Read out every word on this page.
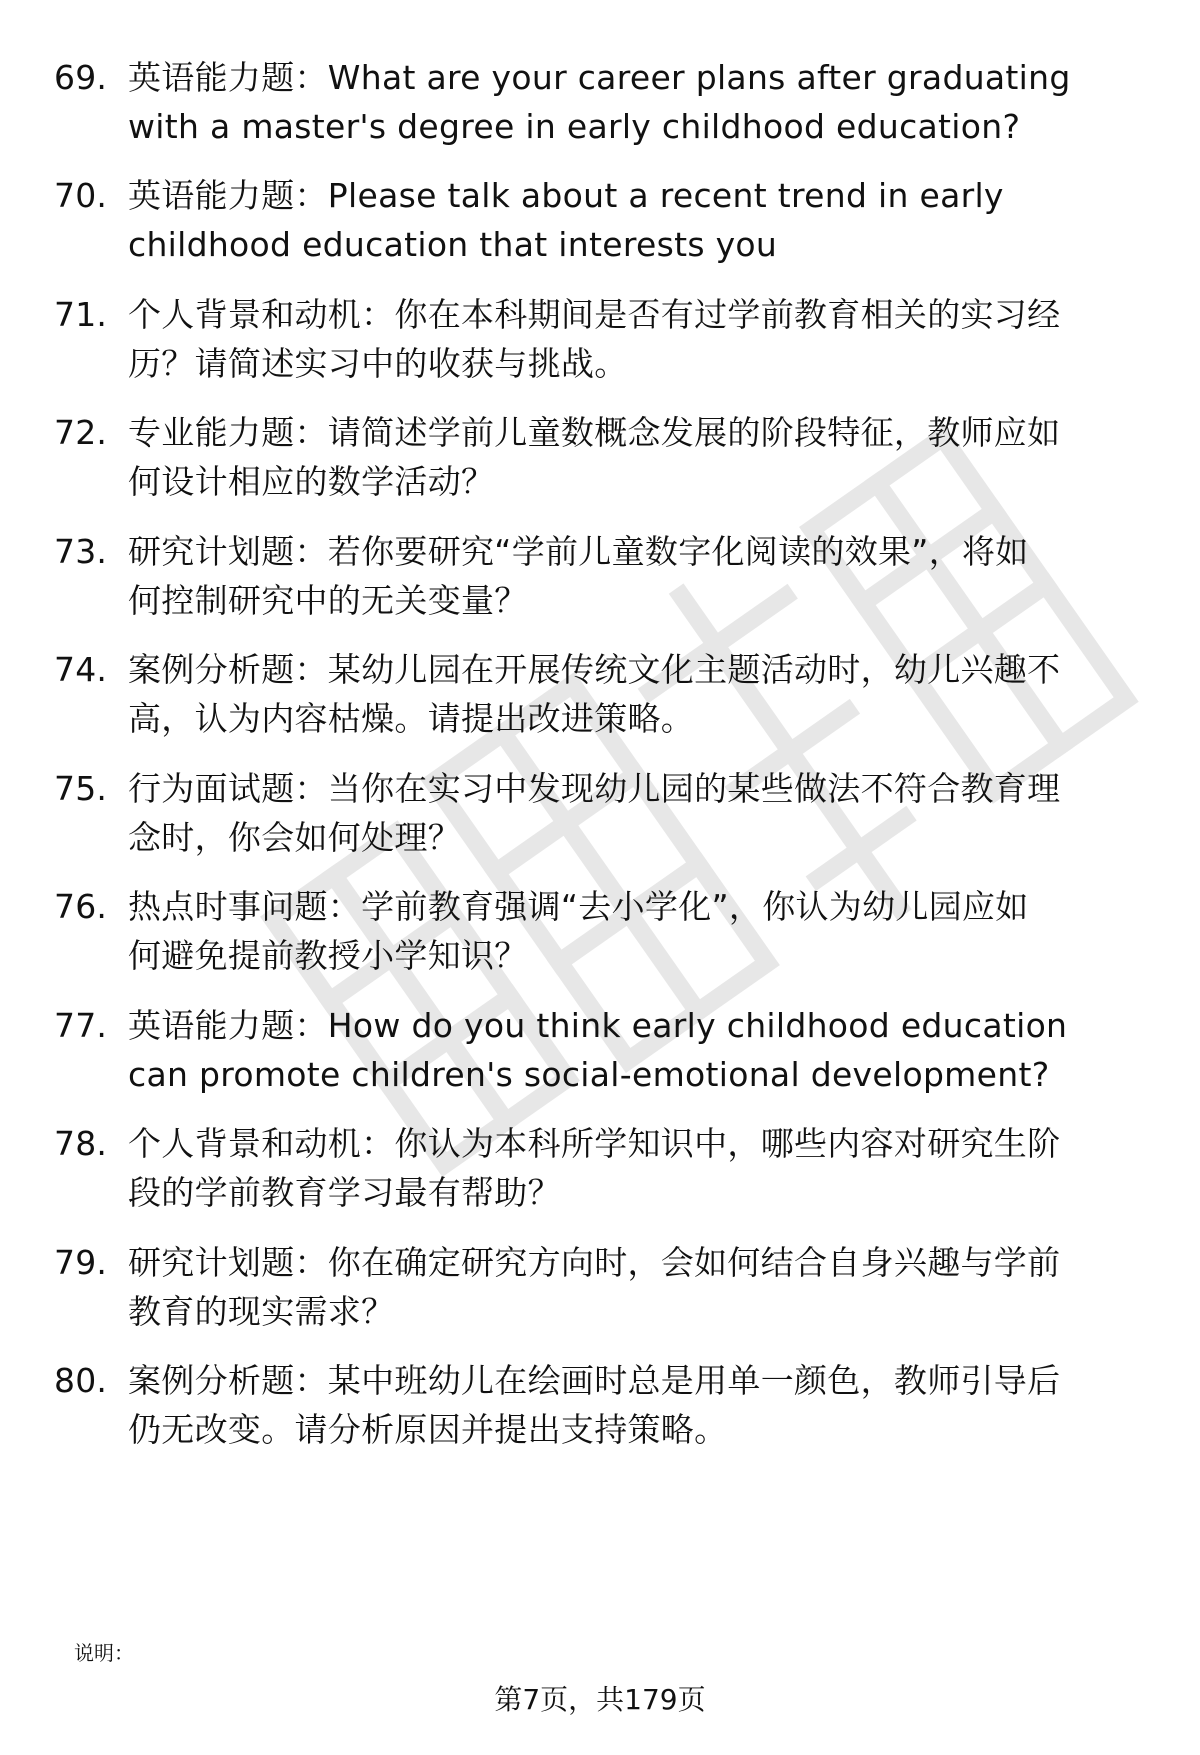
69. 英语能力题：What are your career plans after graduating
with a master's degree in early childhood education?
70. 英语能力题：Please talk about a recent trend in early
childhood education that interests you
71. 个人背景和动机：你在本科期间是否有过学前教育相关的实习经
历？请简述实习中的收获与挑战。
72. 专业能力题：请简述学前儿童数概念发展的阶段特征，教师应如
何设计相应的数学活动？
73. 研究计划题：若你要研究“学前儿童数字化阅读的效果”，将如
何控制研究中的无关变量？
74. 案例分析题：某幼儿园在开展传统文化主题活动时，幼儿兴趣不
高，认为内容枯燥。请提出改进策略。
75. 行为面试题：当你在实习中发现幼儿园的某些做法不符合教育理
念时，你会如何处理？
76. 热点时事问题：学前教育强调“去小学化”，你认为幼儿园应如
何避免提前教授小学知识？
77. 英语能力题：How do you think early childhood education
can promote children's social-emotional development?
78. 个人背景和动机：你认为本科所学知识中，哪些内容对研究生阶
段的学前教育学习最有帮助？
79. 研究计划题：你在确定研究方向时，会如何结合自身兴趣与学前
教育的现实需求？
80. 案例分析题：某中班幼儿在绘画时总是用单一颜色，教师引导后
仍无改变。请分析原因并提出支持策略。
说明：
第7页，共179页
